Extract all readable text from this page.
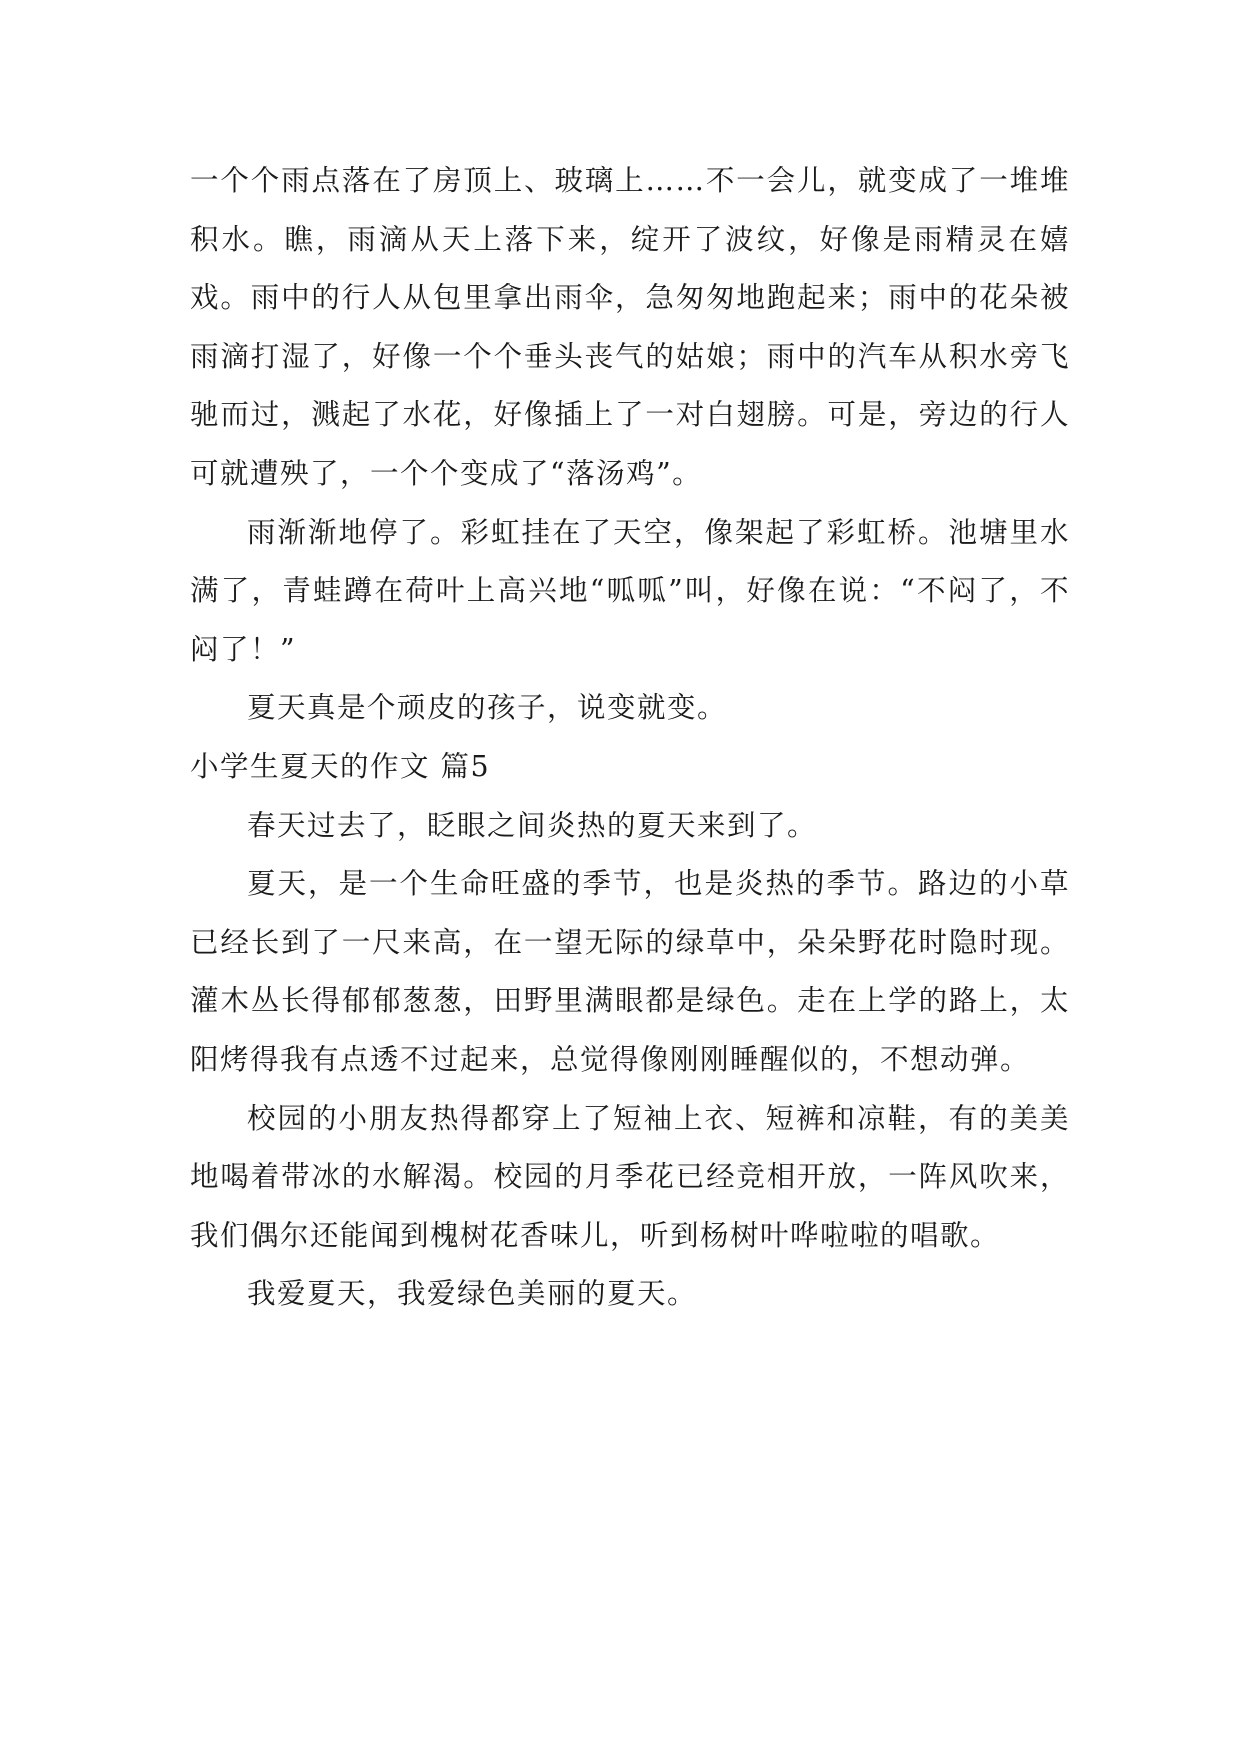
一个个雨点落在了房顶上、玻璃上……不一会儿，就变成了一堆堆积水。瞧，雨滴从天上落下来，绽开了波纹，好像是雨精灵在嬉戏。雨中的行人从包里拿出雨伞，急匆匆地跑起来；雨中的花朵被雨滴打湿了，好像一个个垂头丧气的姑娘；雨中的汽车从积水旁飞驰而过，溅起了水花，好像插上了一对白翅膀。可是，旁边的行人可就遭殃了，一个个变成了“落汤鸡”。

雨渐渐地停了。彩虹挂在了天空，像架起了彩虹桥。池塘里水满了，青蛙蹲在荷叶上高兴地“呱呱”叫，好像在说：“不闷了，不闷了！”

夏天真是个顽皮的孩子，说变就变。

小学生夏天的作文 篇5

春天过去了，眨眼之间炎热的夏天来到了。

夏天，是一个生命旺盛的季节，也是炎热的季节。路边的小草已经长到了一尺来高，在一望无际的绿草中，朵朵野花时隐时现。灌木丛长得郁郁葱葱，田野里满眼都是绿色。走在上学的路上，太阳烤得我有点透不过起来，总觉得像刚刚睡醒似的，不想动弹。

校园的小朋友热得都穿上了短袖上衣、短裤和凉鞋，有的美美地喝着带冰的水解渴。校园的月季花已经竞相开放，一阵风吹来，我们偶尔还能闻到槐树花香味儿，听到杨树叶哗啦啦的唱歌。

我爱夏天，我爱绿色美丽的夏天。
